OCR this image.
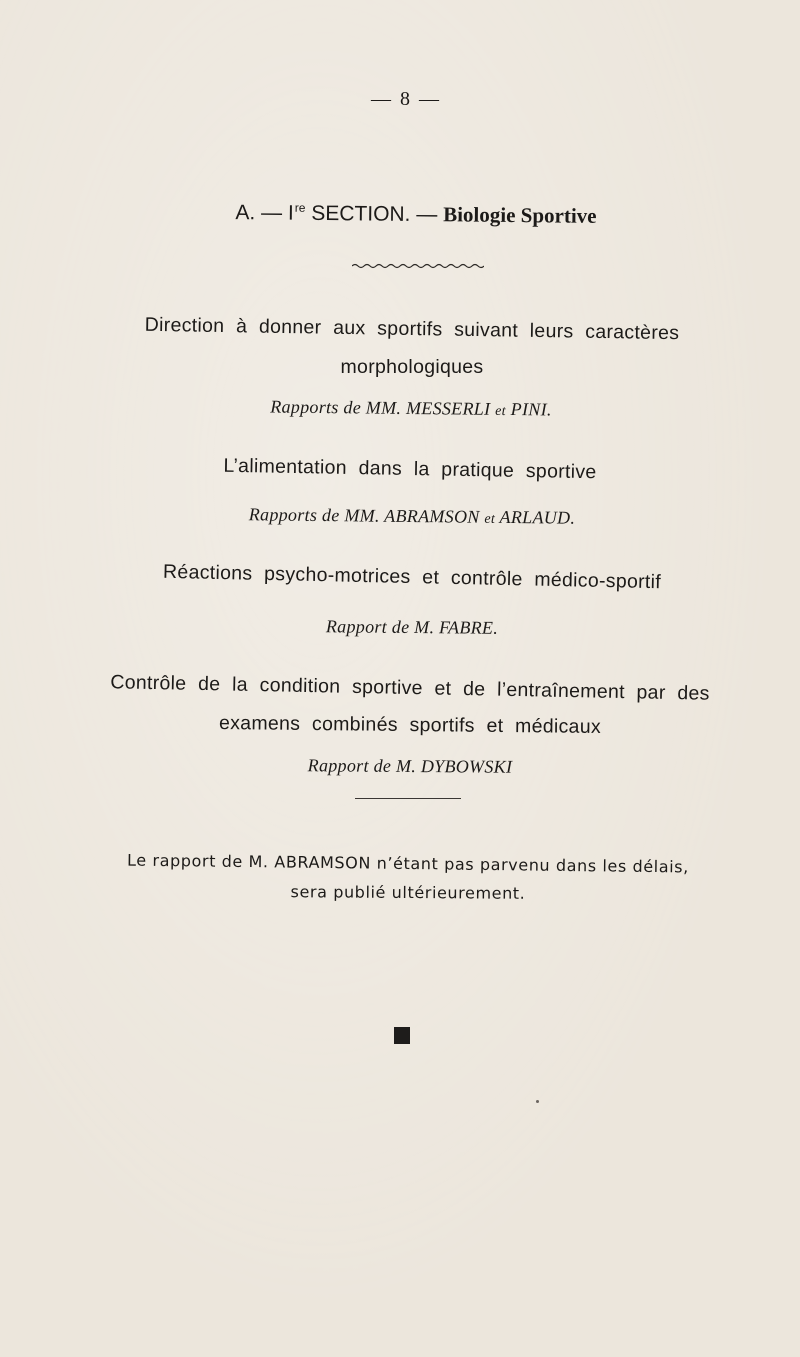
— 8 —
A. — Ire SECTION. — Biologie Sportive
Direction à donner aux sportifs suivant leurs caractères
morphologiques
Rapports de MM. MESSERLI et PINI.
L’alimentation dans la pratique sportive
Rapports de MM. ABRAMSON et ARLAUD.
Réactions psycho-motrices et contrôle médico-sportif
Rapport de M. FABRE.
Contrôle de la condition sportive et de l’entraînement par des
examens combinés sportifs et médicaux
Rapport de M. DYBOWSKI
Le rapport de M. ABRAMSON n’étant pas parvenu dans les délais,
sera publié ultérieurement.
